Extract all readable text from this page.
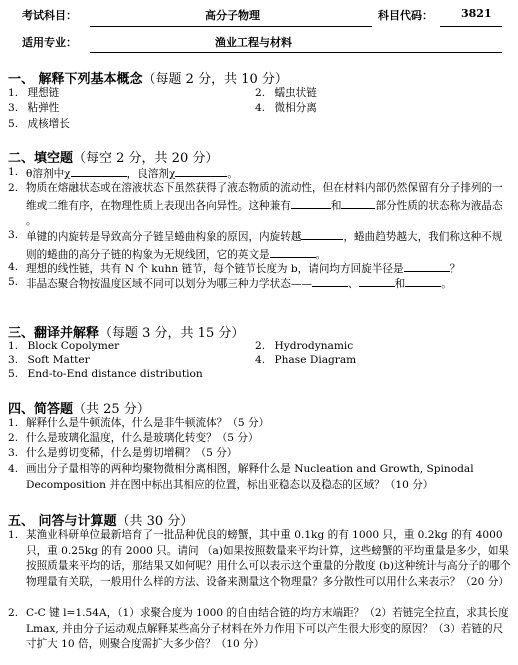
考试科目：	高分子物理	科目代码：	3821
适用专业：	渔业工程与材料
一、 解释下列基本概念（每题 2 分，共 10 分）
1. 理想链	2. 蠕虫状链
3. 粘弹性	4. 微相分离
5. 成核增长
二、填空题（每空 2 分，共 20 分）
1. θ溶剂中χ	，良溶剂χ	。
2. 物质在熔融状态或在溶液状态下虽然获得了液态物质的流动性，但在材料内部仍然保留有分子排列的一维或二维有序，在物理性质上表现出各向异性。这种兼有	和	部分性质的状态称为液晶态 。
3. 单键的内旋转是导致高分子链呈蜷曲构象的原因，内旋转越	，蜷曲趋势越大，我们称这种不规则的蜷曲的高分子链的构象为无规线团，它的英文是	。
4. 理想的线性链，共有 N 个 kuhn 链节，每个链节长度为 b，请问均方回旋半径是	？
5. 非晶态聚合物按温度区域不同可以划分为哪三种力学状态——	、	和	。
三、翻译并解释（每题 3 分，共 15 分）
1. Block Copolymer	2. Hydrodynamic
3. Soft Matter	4. Phase Diagram
5. End-to-End distance distribution
四、简答题（共 25 分）
1. 解释什么是牛顿流体，什么是非牛顿流体？（5 分）
2. 什么是玻璃化温度，什么是玻璃化转变？（5 分）
3. 什么是剪切变稀，什么是剪切增稠？（5 分）
4. 画出分子量相等的两种均聚物微相分离相图，解释什么是 Nucleation and Growth, Spinodal Decomposition 并在图中标出其相应的位置，标出亚稳态以及稳态的区域？（10 分）
五、 问答与计算题（共 30 分）
1. 某渔业科研单位最新培育了一批品种优良的螃蟹，其中重 0.1kg 的有 1000 只，重 0.2kg 的有 4000 只，重 0.25kg 的有 2000 只。请问 （a)如果按照数量来平均计算，这些螃蟹的平均重量是多少，如果按照质量来平均的话，那结果又如何呢？用什么可以表示这个重量的分散度 (b)这种统计与高分子的哪个物理量有关联，一般用什么样的方法、设备来测量这个物理量？多分散性可以用什么来表示？（20 分）
2. C-C 键 l=1.54A，（1）求聚合度为 1000 的自由结合链的均方末端距？（2）若链完全拉直，求其长度 Lmax, 并由分子运动观点解释某些高分子材料在外力作用下可以产生很大形变的原因？（3）若链的尺寸扩大 10 倍，则聚合度需扩大多少倍？（10 分）
